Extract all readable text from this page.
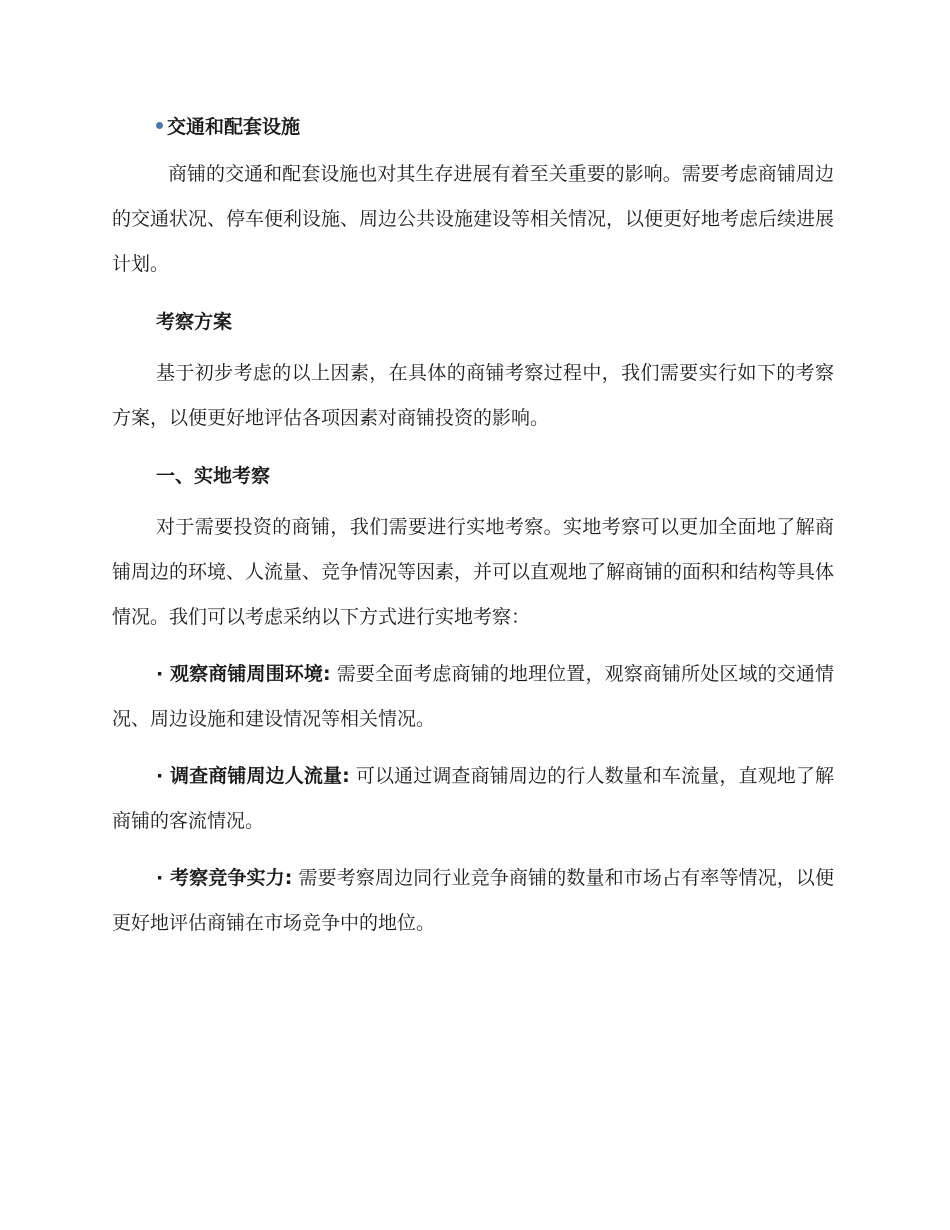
交通和配套设施

商铺的交通和配套设施也对其生存进展有着至关重要的影响。需要考虑商铺周边的交通状况、停车便利设施、周边公共设施建设等相关情况，以便更好地考虑后续进展计划。

考察方案

基于初步考虑的以上因素，在具体的商铺考察过程中，我们需要实行如下的考察方案，以便更好地评估各项因素对商铺投资的影响。

一、实地考察

对于需要投资的商铺，我们需要进行实地考察。实地考察可以更加全面地了解商铺周边的环境、人流量、竞争情况等因素，并可以直观地了解商铺的面积和结构等具体情况。我们可以考虑采纳以下方式进行实地考察：

· 观察商铺周围环境: 需要全面考虑商铺的地理位置，观察商铺所处区域的交通情况、周边设施和建设情况等相关情况。

· 调查商铺周边人流量: 可以通过调查商铺周边的行人数量和车流量，直观地了解商铺的客流情况。

· 考察竞争实力: 需要考察周边同行业竞争商铺的数量和市场占有率等情况，以便更好地评估商铺在市场竞争中的地位。
